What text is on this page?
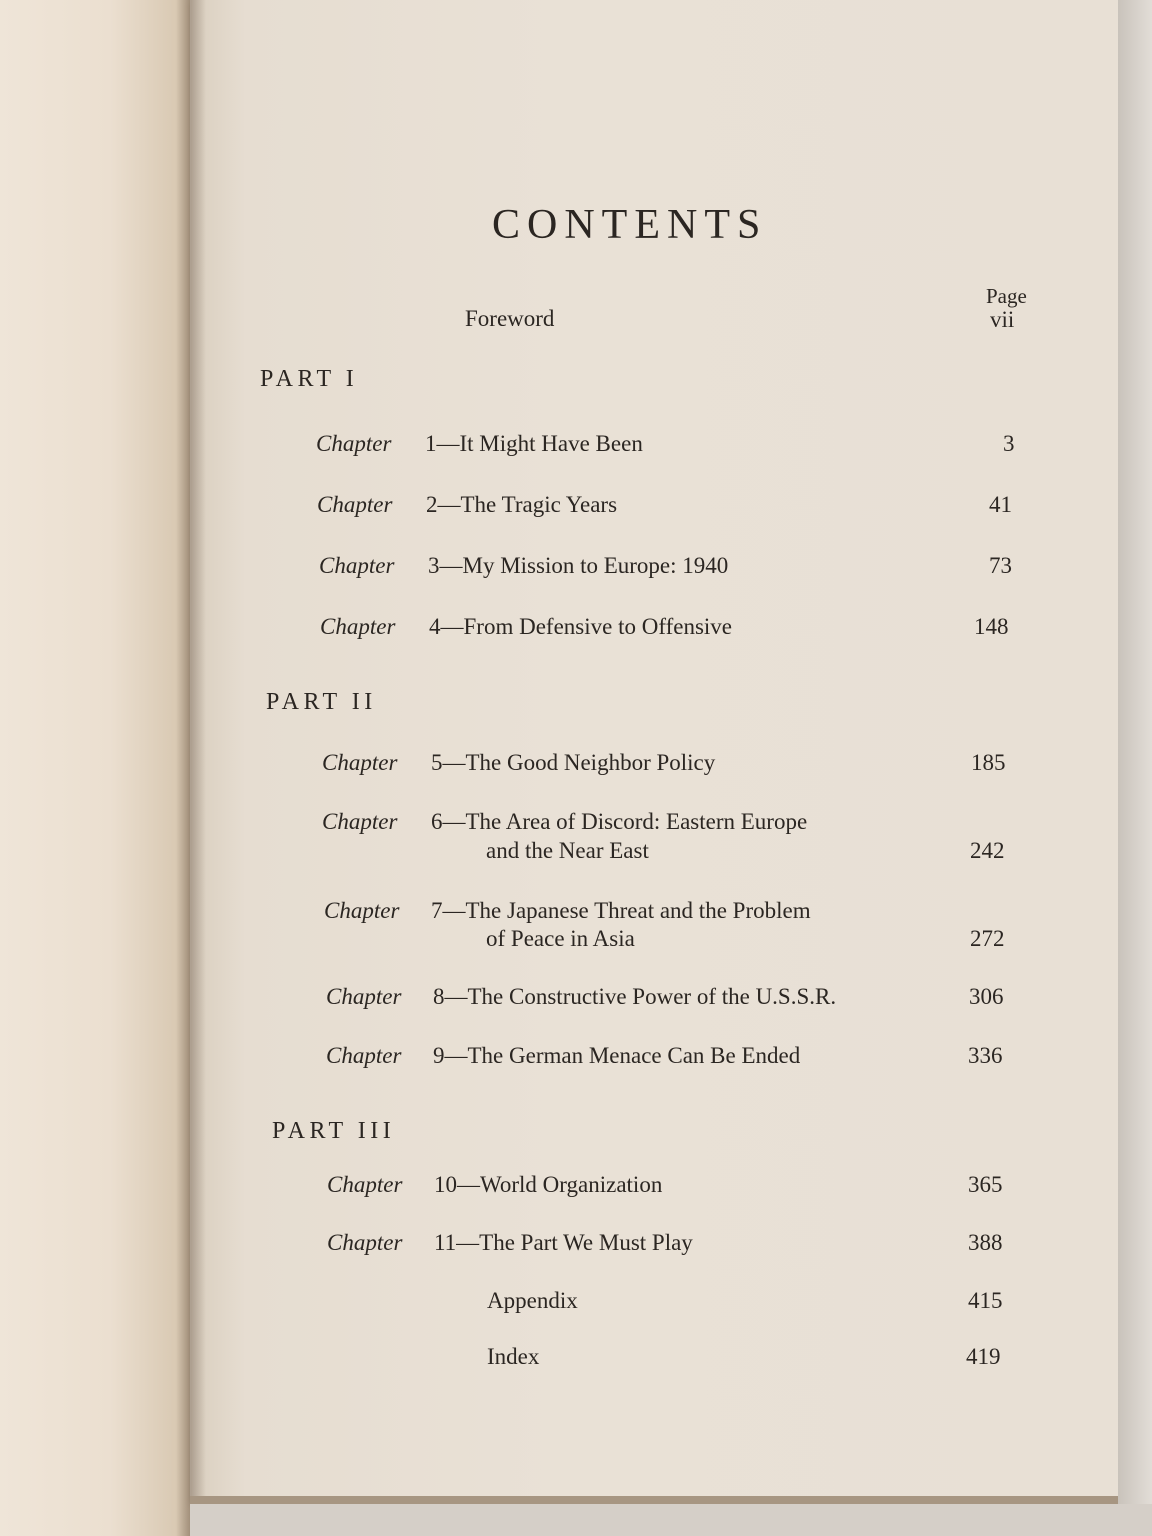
CONTENTS
Page
Foreword	vii
PART I
PART II
PART III
Chapter 1—It Might Have Been	3
Chapter 2—The Tragic Years	41
Chapter 3—My Mission to Europe: 1940	73
Chapter 4—From Defensive to Offensive	148
Chapter 5—The Good Neighbor Policy	185
Chapter 6—The Area of Discord: Eastern Europe
and the Near East	242
Chapter 7—The Japanese Threat and the Problem
of Peace in Asia	272
Chapter 8—The Constructive Power of the U.S.S.R.	306
Chapter 9—The German Menace Can Be Ended	336
Chapter 10—World Organization	365
Chapter 11—The Part We Must Play	388
Appendix	415
Index	419
